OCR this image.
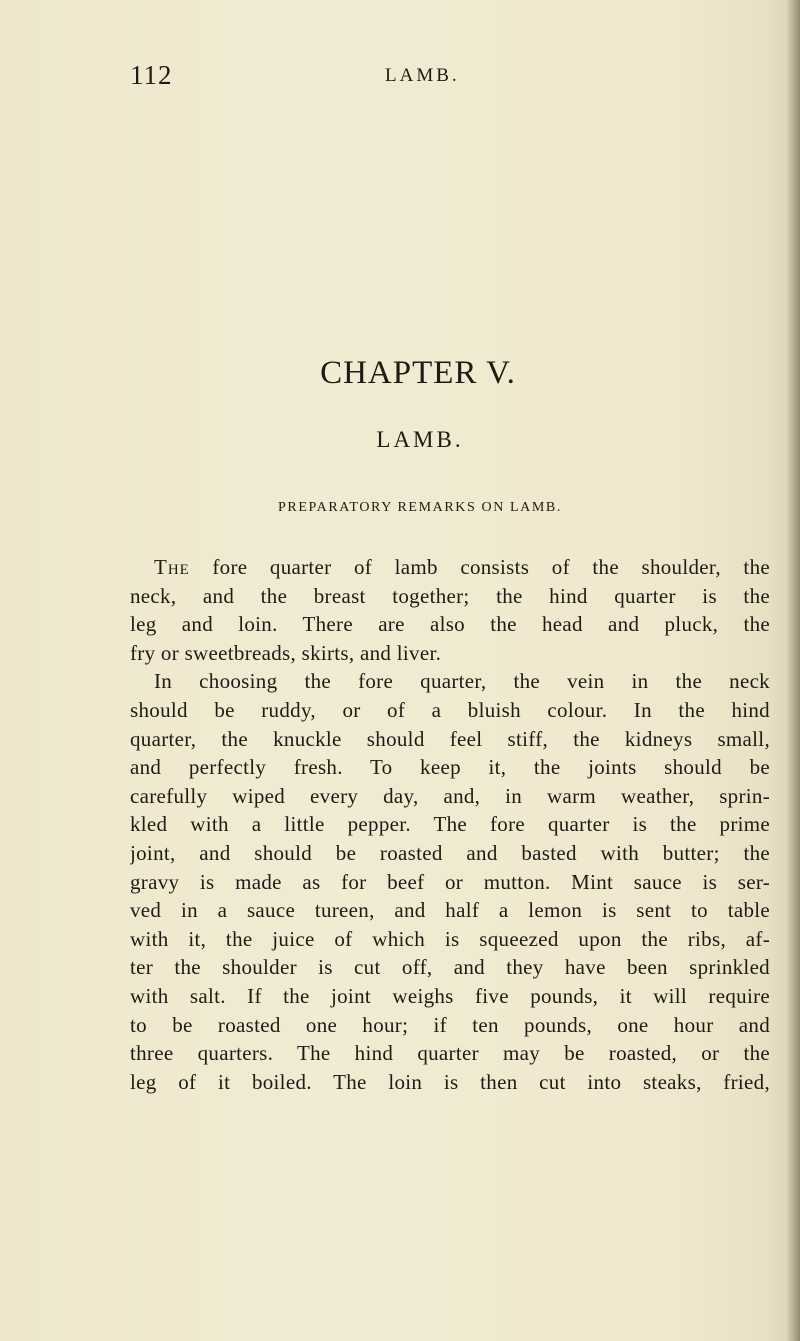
112	LAMB.
CHAPTER V.
LAMB.
PREPARATORY REMARKS ON LAMB.
The fore quarter of lamb consists of the shoulder, the
neck, and the breast together; the hind quarter is the
leg and loin. There are also the head and pluck, the
fry or sweetbreads, skirts, and liver.
In choosing the fore quarter, the vein in the neck
should be ruddy, or of a bluish colour. In the hind
quarter, the knuckle should feel stiff, the kidneys small,
and perfectly fresh. To keep it, the joints should be
carefully wiped every day, and, in warm weather, sprin-
kled with a little pepper. The fore quarter is the prime
joint, and should be roasted and basted with butter; the
gravy is made as for beef or mutton. Mint sauce is ser-
ved in a sauce tureen, and half a lemon is sent to table
with it, the juice of which is squeezed upon the ribs, af-
ter the shoulder is cut off, and they have been sprinkled
with salt. If the joint weighs five pounds, it will require
to be roasted one hour; if ten pounds, one hour and
three quarters. The hind quarter may be roasted, or the
leg of it boiled. The loin is then cut into steaks, fried,
